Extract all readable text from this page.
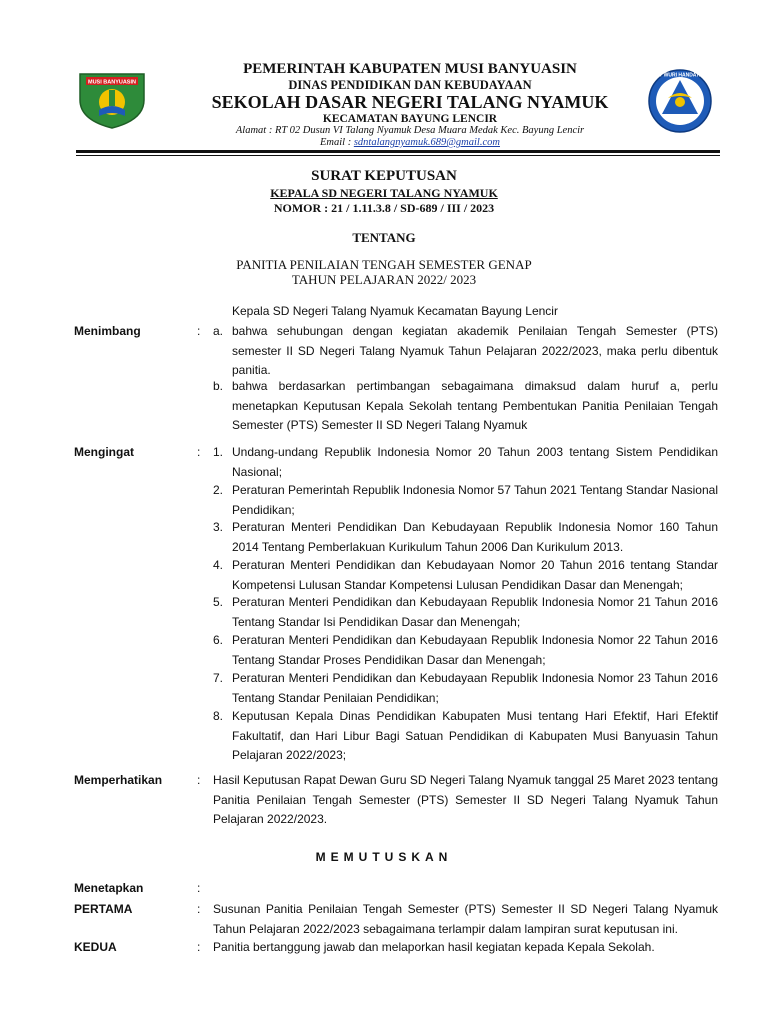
MUSI BANYUASIN
TUT WURI HANDAYANI
PEMERINTAH KABUPATEN MUSI BANYUASIN
DINAS PENDIDIKAN DAN KEBUDAYAAN
SEKOLAH DASAR NEGERI TALANG NYAMUK
KECAMATAN BAYUNG LENCIR
Alamat : RT 02 Dusun VI Talang Nyamuk Desa Muara Medak Kec. Bayung Lencir
Email : sdntalangnyamuk.689@gmail.com
SURAT KEPUTUSAN
KEPALA SD NEGERI TALANG NYAMUK
NOMOR : 21 / 1.11.3.8 / SD-689 / III / 2023
TENTANG
PANITIA PENILAIAN TENGAH SEMESTER GENAP
TAHUN PELAJARAN 2022/ 2023
Kepala SD Negeri Talang Nyamuk Kecamatan Bayung Lencir
Menimbang	: a. bahwa sehubungan dengan kegiatan akademik Penilaian Tengah Semester (PTS) semester II SD Negeri Talang Nyamuk Tahun Pelajaran 2022/2023, maka perlu dibentuk panitia.
b. bahwa berdasarkan pertimbangan sebagaimana dimaksud dalam huruf a, perlu menetapkan Keputusan Kepala Sekolah tentang Pembentukan Panitia Penilaian Tengah Semester (PTS) Semester II SD Negeri Talang Nyamuk
Mengingat	: 1. Undang-undang Republik Indonesia Nomor 20 Tahun 2003 tentang Sistem Pendidikan Nasional;
2. Peraturan Pemerintah Republik Indonesia Nomor 57 Tahun 2021 Tentang Standar Nasional Pendidikan;
3. Peraturan Menteri Pendidikan Dan Kebudayaan Republik Indonesia Nomor 160 Tahun 2014 Tentang Pemberlakuan Kurikulum Tahun 2006 Dan Kurikulum 2013.
4. Peraturan Menteri Pendidikan dan Kebudayaan Nomor 20 Tahun 2016 tentang Standar Kompetensi Lulusan Standar Kompetensi Lulusan Pendidikan Dasar dan Menengah;
5. Peraturan Menteri Pendidikan dan Kebudayaan Republik Indonesia Nomor 21 Tahun 2016 Tentang Standar Isi Pendidikan Dasar dan Menengah;
6. Peraturan Menteri Pendidikan dan Kebudayaan Republik Indonesia Nomor 22 Tahun 2016 Tentang Standar Proses Pendidikan Dasar dan Menengah;
7. Peraturan Menteri Pendidikan dan Kebudayaan Republik Indonesia Nomor 23 Tahun 2016 Tentang Standar Penilaian Pendidikan;
8. Keputusan Kepala Dinas Pendidikan Kabupaten Musi tentang Hari Efektif, Hari Efektif Fakultatif, dan Hari Libur Bagi Satuan Pendidikan di Kabupaten Musi Banyuasin Tahun Pelajaran 2022/2023;
Memperhatikan	: Hasil Keputusan Rapat Dewan Guru SD Negeri Talang Nyamuk tanggal 25 Maret 2023 tentang Panitia Penilaian Tengah Semester (PTS) Semester II SD Negeri Talang Nyamuk Tahun Pelajaran 2022/2023.
MEMUTUSKAN
Menetapkan	:
PERTAMA	: Susunan Panitia Penilaian Tengah Semester (PTS) Semester II SD Negeri Talang Nyamuk Tahun Pelajaran 2022/2023 sebagaimana terlampir dalam lampiran surat keputusan ini.
KEDUA	: Panitia bertanggung jawab dan melaporkan hasil kegiatan kepada Kepala Sekolah.
